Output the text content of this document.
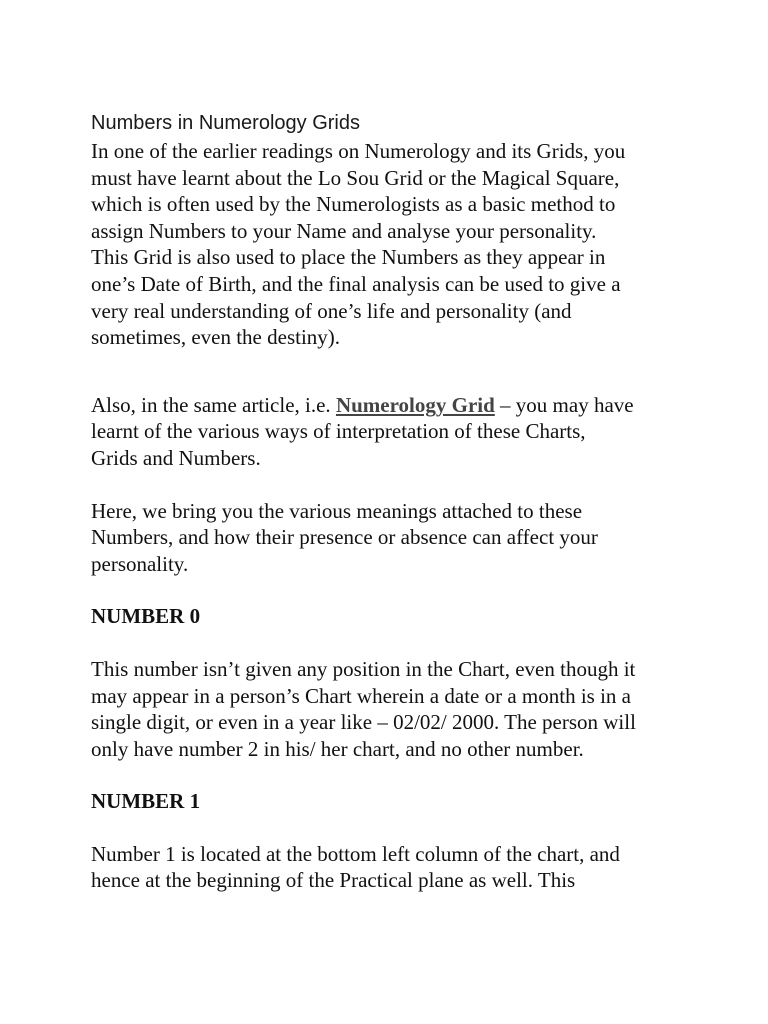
Numbers in Numerology Grids

In one of the earlier readings on Numerology and its Grids, you
must have learnt about the Lo Sou Grid or the Magical Square,
which is often used by the Numerologists as a basic method to
assign Numbers to your Name and analyse your personality.
This Grid is also used to place the Numbers as they appear in
one’s Date of Birth, and the final analysis can be used to give a
very real understanding of one’s life and personality (and
sometimes, even the destiny).

Also, in the same article, i.e. Numerology Grid – you may have
learnt of the various ways of interpretation of these Charts,
Grids and Numbers.

Here, we bring you the various meanings attached to these
Numbers, and how their presence or absence can affect your
personality.

NUMBER 0

This number isn’t given any position in the Chart, even though it
may appear in a person’s Chart wherein a date or a month is in a
single digit, or even in a year like – 02/02/ 2000. The person will
only have number 2 in his/ her chart, and no other number.

NUMBER 1

Number 1 is located at the bottom left column of the chart, and
hence at the beginning of the Practical plane as well. This
